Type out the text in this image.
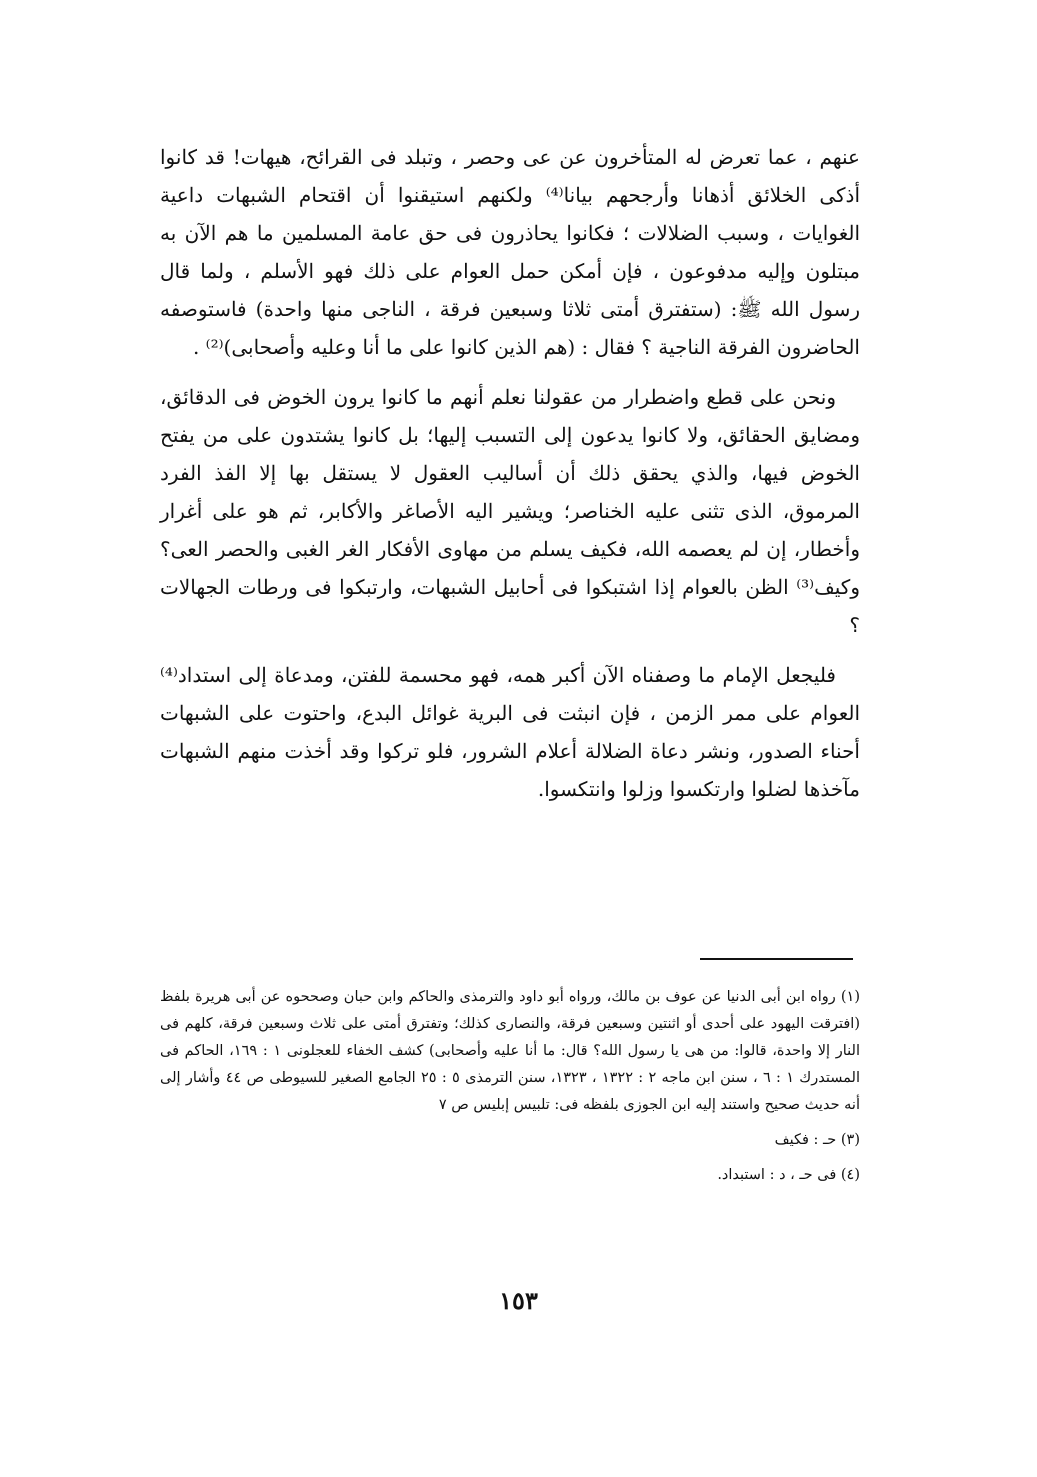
عنهم ، عما تعرض له المتأخرون عن عى وحصر ، وتبلد فى القرائح، هيهات! قد كانوا أذكى الخلائق أذهانا وأرجحهم بيانا⁽⁴⁾ ولكنهم استيقنوا أن اقتحام الشبهات داعية الغوايات ، وسبب الضلالات ؛ فكانوا يحاذرون فى حق عامة المسلمين ما هم الآن به مبتلون وإليه مدفوعون ، فإن أمكن حمل العوام على ذلك فهو الأسلم ، ولما قال رسول الله ﷺ: (ستفترق أمتى ثلاثا وسبعين فرقة ، الناجى منها واحدة) فاستوصفه الحاضرون الفرقة الناجية ؟ فقال : (هم الذين كانوا على ما أنا وعليه وأصحابى)⁽²⁾ .

ونحن على قطع واضطرار من عقولنا نعلم أنهم ما كانوا يرون الخوض فى الدقائق، ومضايق الحقائق، ولا كانوا يدعون إلى التسبب إليها؛ بل كانوا يشتدون على من يفتح الخوض فيها، والذي يحقق ذلك أن أساليب العقول لا يستقل بها إلا الفذ الفرد المرموق، الذى تثنى عليه الخناصر؛ ويشير اليه الأصاغر والأكابر، ثم هو على أغرار وأخطار، إن لم يعصمه الله، فكيف يسلم من مهاوى الأفكار الغر الغبى والحصر العى؟ وكيف⁽³⁾ الظن بالعوام إذا اشتبكوا فى أحابيل الشبهات، وارتبكوا فى ورطات الجهالات ؟

فليجعل الإمام ما وصفناه الآن أكبر همه، فهو محسمة للفتن، ومدعاة إلى استداد⁽⁴⁾ العوام على ممر الزمن ، فإن انبثت فى البرية غوائل البدع، واحتوت على الشبهات أحناء الصدور، ونشر دعاة الضلالة أعلام الشرور، فلو تركوا وقد أخذت منهم الشبهات مآخذها لضلوا وارتكسوا وزلوا وانتكسوا.

(١) رواه ابن أبى الدنيا عن عوف بن مالك، ورواه أبو داود والترمذى والحاكم وابن حبان وصححوه عن أبى هريرة بلفظ (افترقت اليهود على أحدى أو اثنتين وسبعين فرقة، والنصارى كذلك؛ وتفترق أمتى على ثلاث وسبعين فرقة، كلهم فى النار إلا واحدة، قالوا: من هى يا رسول الله؟ قال: ما أنا عليه وأصحابى) كشف الخفاء للعجلونى ١ : ١٦٩، الحاكم فى المستدرك ١ : ٦ ، سنن ابن ماجه ٢ : ١٣٢٢ ، ١٣٢٣، سنن الترمذى ٥ : ٢٥ الجامع الصغير للسيوطى ص ٤٤ وأشار إلى أنه حديث صحيح واستند إليه ابن الجوزى بلفظه فى: تلبيس إبليس ص ٧

(٣) حـ : فكيف

(٤) فى حـ ، د : استبداد.

١٥٣
